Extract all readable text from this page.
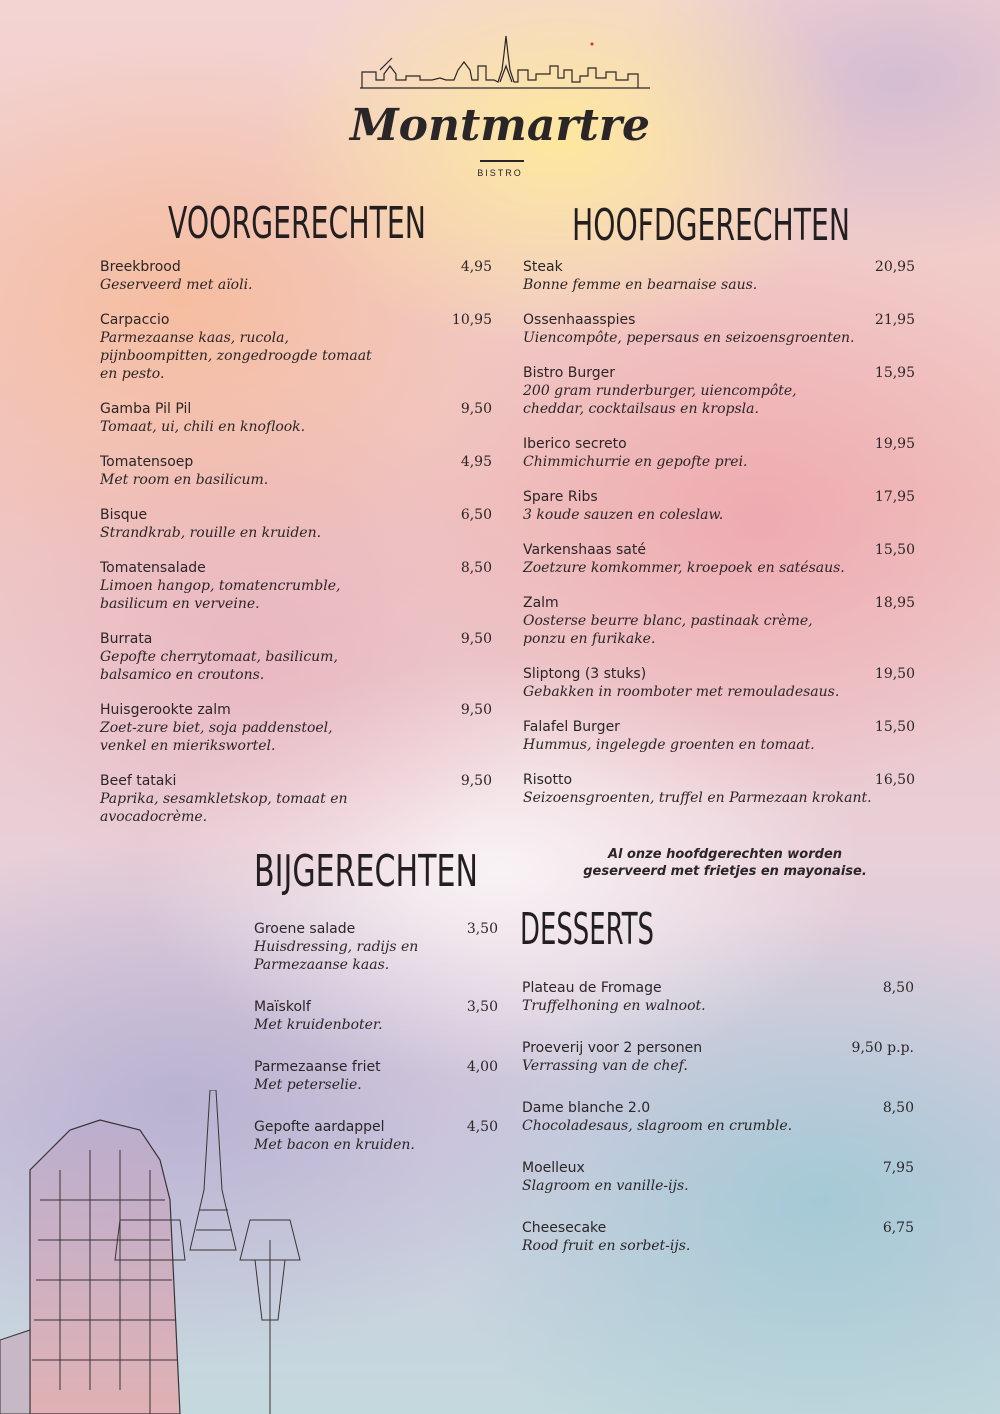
Montmartre
BISTRO
VOORGERECHTEN	HOOFDGERECHTEN
BIJGERECHTEN
DESSERTS
Breekbrood	4,95
Geserveerd met aïoli.
Carpaccio	10,95
Parmezaanse kaas, rucola,
pijnboompitten, zongedroogde tomaat
en pesto.
Gamba Pil Pil	9,50
Tomaat, ui, chili en knoflook.
Tomatensoep	4,95
Met room en basilicum.
Bisque	6,50
Strandkrab, rouille en kruiden.
Tomatensalade	8,50
Limoen hangop, tomatencrumble,
basilicum en verveine.
Burrata	9,50
Gepofte cherrytomaat, basilicum,
balsamico en croutons.
Huisgerookte zalm	9,50
Zoet-zure biet, soja paddenstoel,
venkel en mierikswortel.
Beef tataki	9,50
Paprika, sesamkletskop, tomaat en
avocadocrème.
Steak	20,95
Bonne femme en bearnaise saus.
Ossenhaasspies	21,95
Uiencompôte, pepersaus en seizoensgroenten.
Bistro Burger	15,95
200 gram runderburger, uiencompôte,
cheddar, cocktailsaus en kropsla.
Iberico secreto	19,95
Chimmichurrie en gepofte prei.
Spare Ribs	17,95
3 koude sauzen en coleslaw.
Varkenshaas saté	15,50
Zoetzure komkommer, kroepoek en satésaus.
Zalm	18,95
Oosterse beurre blanc, pastinaak crème,
ponzu en furikake.
Sliptong (3 stuks)	19,50
Gebakken in roomboter met remouladesaus.
Falafel Burger	15,50
Hummus, ingelegde groenten en tomaat.
Risotto	16,50
Seizoensgroenten, truffel en Parmezaan krokant.
Groene salade	3,50
Huisdressing, radijs en
Parmezaanse kaas.
Maïskolf	3,50
Met kruidenboter.
Parmezaanse friet	4,00
Met peterselie.
Gepofte aardappel	4,50
Met bacon en kruiden.
Plateau de Fromage	8,50
Truffelhoning en walnoot.
Proeverij voor 2 personen	9,50 p.p.
Verrassing van de chef.
Dame blanche 2.0	8,50
Chocoladesaus, slagroom en crumble.
Moelleux	7,95
Slagroom en vanille-ijs.
Cheesecake	6,75
Rood fruit en sorbet-ijs.
Al onze hoofdgerechten worden
geserveerd met frietjes en mayonaise.
